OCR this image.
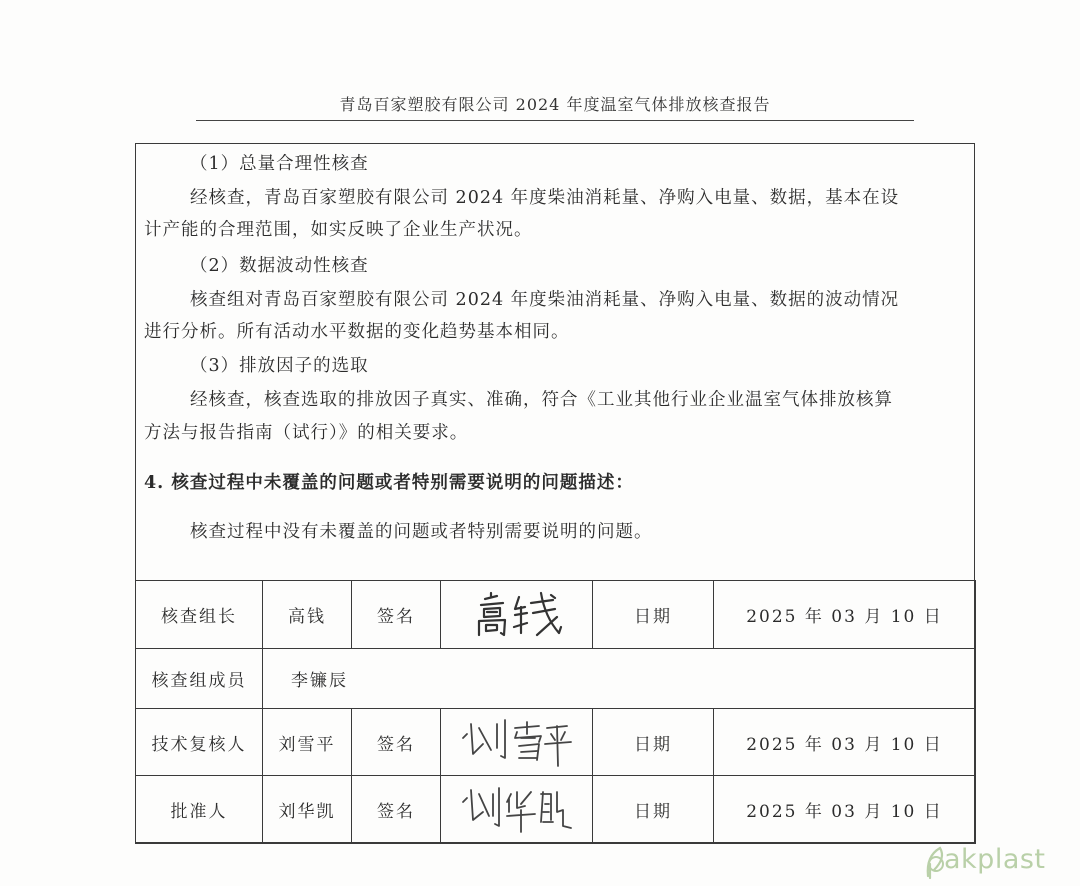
青岛百家塑胶有限公司 2024 年度温室气体排放核查报告
（1）总量合理性核查
经核查，青岛百家塑胶有限公司 2024 年度柴油消耗量、净购入电量、数据，基本在设
计产能的合理范围，如实反映了企业生产状况。
（2）数据波动性核查
核查组对青岛百家塑胶有限公司 2024 年度柴油消耗量、净购入电量、数据的波动情况
进行分析。所有活动水平数据的变化趋势基本相同。
（3）排放因子的选取
经核查，核查选取的排放因子真实、准确，符合《工业其他行业企业温室气体排放核算
方法与报告指南（试行）》的相关要求。
4. 核查过程中未覆盖的问题或者特别需要说明的问题描述：
核查过程中没有未覆盖的问题或者特别需要说明的问题。
核查组长	高钱	签名		日期	2025 年 03 月 10 日
核查组成员	李镰辰				
技术复核人	刘雪平	签名		日期	2025 年 03 月 10 日
批准人	刘华凯	签名		日期	2025 年 03 月 10 日
akplast
